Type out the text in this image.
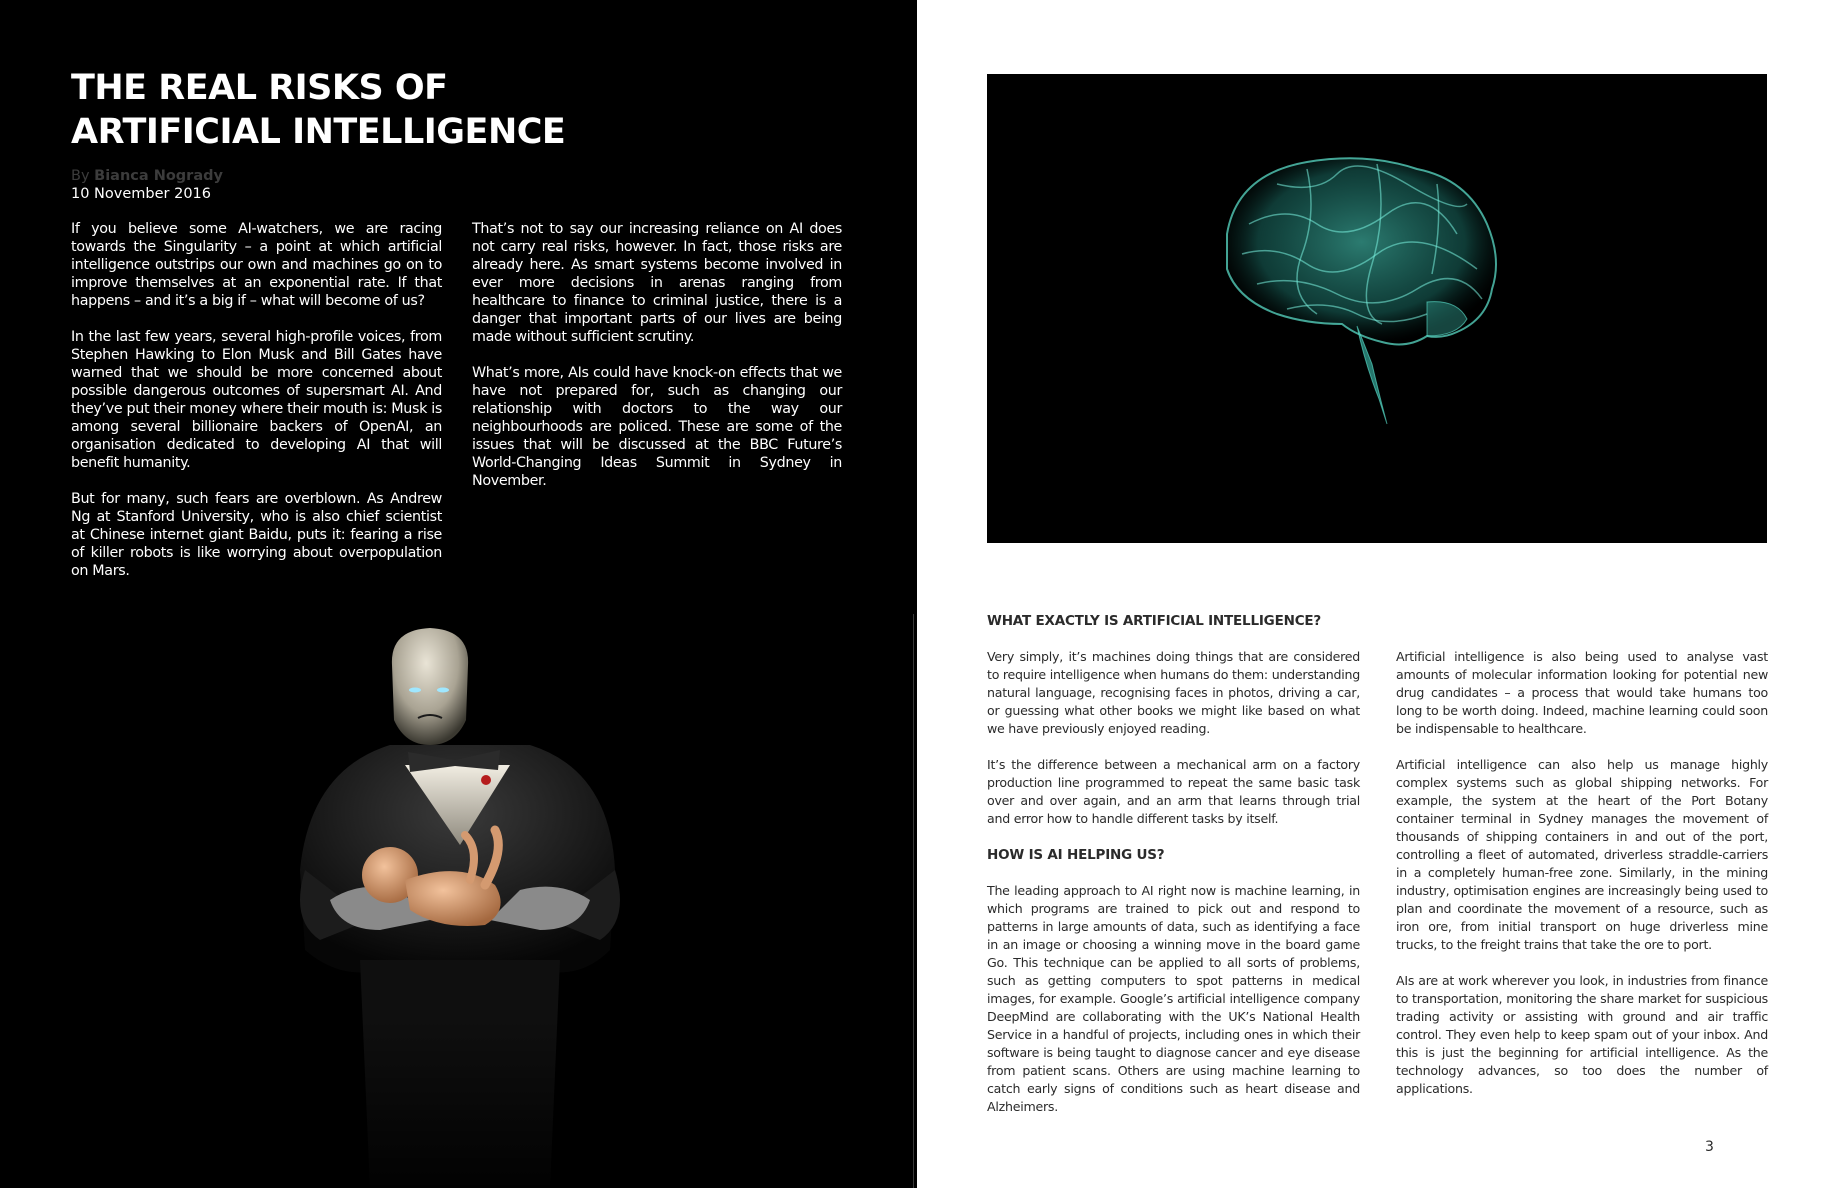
THE REAL RISKS OF
ARTIFICIAL INTELLIGENCE
By Bianca Nogrady
10 November 2016

If you believe some AI-watchers, we are racing towards the Singularity – a point at which artificial intelligence outstrips our own and machines go on to improve themselves at an exponential rate. If that happens – and it’s a big if – what will become of us?

In the last few years, several high-profile voices, from Stephen Hawking to Elon Musk and Bill Gates have warned that we should be more concerned about possible dangerous outcomes of supersmart AI. And they’ve put their money where their mouth is: Musk is among several billionaire backers of OpenAI, an organisation dedicated to developing AI that will benefit humanity.

But for many, such fears are overblown. As Andrew Ng at Stanford University, who is also chief scientist at Chinese internet giant Baidu, puts it: fearing a rise of killer robots is like worrying about overpopulation on Mars.

That’s not to say our increasing reliance on AI does not carry real risks, however. In fact, those risks are already here. As smart systems become involved in ever more decisions in arenas ranging from healthcare to finance to criminal justice, there is a danger that important parts of our lives are being made without sufficient scrutiny.

What’s more, AIs could have knock-on effects that we have not prepared for, such as changing our relationship with doctors to the way our neighbourhoods are policed. These are some of the issues that will be discussed at the BBC Future’s World-Changing Ideas Summit in Sydney in November.

WHAT EXACTLY IS ARTIFICIAL INTELLIGENCE?

Very simply, it’s machines doing things that are considered to require intelligence when humans do them: understanding natural language, recognising faces in photos, driving a car, or guessing what other books we might like based on what we have previously enjoyed reading.

It’s the difference between a mechanical arm on a factory production line programmed to repeat the same basic task over and over again, and an arm that learns through trial and error how to handle different tasks by itself.

HOW IS AI HELPING US?

The leading approach to AI right now is machine learning, in which programs are trained to pick out and respond to patterns in large amounts of data, such as identifying a face in an image or choosing a winning move in the board game Go. This technique can be applied to all sorts of problems, such as getting computers to spot patterns in medical images, for example. Google’s artificial intelligence company DeepMind are collaborating with the UK’s National Health Service in a handful of projects, including ones in which their software is being taught to diagnose cancer and eye disease from patient scans. Others are using machine learning to catch early signs of conditions such as heart disease and Alzheimers.

Artificial intelligence is also being used to analyse vast amounts of molecular information looking for potential new drug candidates – a process that would take humans too long to be worth doing. Indeed, machine learning could soon be indispensable to healthcare.

Artificial intelligence can also help us manage highly complex systems such as global shipping networks. For example, the system at the heart of the Port Botany container terminal in Sydney manages the movement of thousands of shipping containers in and out of the port, controlling a fleet of automated, driverless straddle-carriers in a completely human-free zone. Similarly, in the mining industry, optimisation engines are increasingly being used to plan and coordinate the movement of a resource, such as iron ore, from initial transport on huge driverless mine trucks, to the freight trains that take the ore to port.

AIs are at work wherever you look, in industries from finance to transportation, monitoring the share market for suspicious trading activity or assisting with ground and air traffic control. They even help to keep spam out of your inbox. And this is just the beginning for artificial intelligence. As the technology advances, so too does the number of applications.

3
